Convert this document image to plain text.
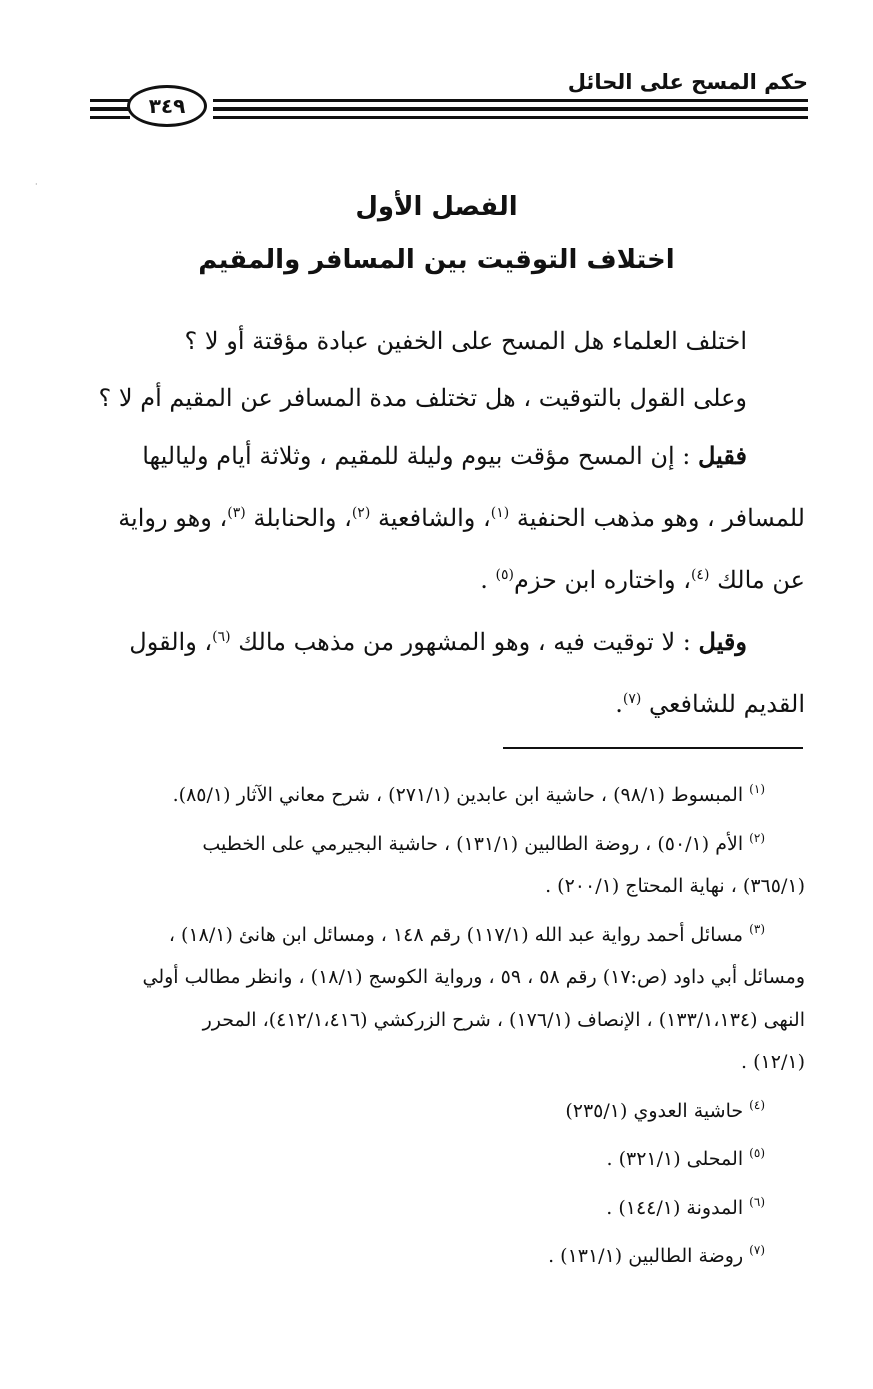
حكم المسح على الحائل
٣٤٩
·
الفصل الأول
اختلاف التوقيت بين المسافر والمقيم
اختلف العلماء هل المسح على الخفين عبادة مؤقتة أو لا ؟
وعلى القول بالتوقيت ، هل تختلف مدة المسافر عن المقيم أم لا ؟
فقيل : إن المسح مؤقت بيوم وليلة للمقيم ، وثلاثة أيام ولياليها
للمسافر ، وهو مذهب الحنفية $^{(١)}$، والشافعية $^{(٢)}$، والحنابلة $^{(٣)}$، وهو رواية
عن مالك $^{(٤)}$، واختاره ابن حزم$^{(٥)}$ .
وقيل : لا توقيت فيه ، وهو المشهور من مذهب مالك $^{(٦)}$، والقول
القديم للشافعي $^{(٧)}$.
$^{(١)}$ المبسوط (٩٨/١) ، حاشية ابن عابدين (٢٧١/١) ، شرح معاني الآثار (٨٥/١).
$^{(٢)}$ الأم (٥٠/١) ، روضة الطالبين (١٣١/١) ، حاشية البجيرمي على الخطيب
(٣٦٥/١) ، نهاية المحتاج (٢٠٠/١) .
$^{(٣)}$ مسائل أحمد رواية عبد الله (١١٧/١) رقم ١٤٨ ، ومسائل ابن هانئ (١٨/١) ،
ومسائل أبي داود (ص:١٧) رقم ٥٨ ، ٥٩ ، ورواية الكوسج (١٨/١) ، وانظر مطالب أولي
النهى (١٣٣/١،١٣٤) ، الإنصاف (١٧٦/١) ، شرح الزركشي (٤١٢/١،٤١٦)، المحرر
(١٢/١) .
$^{(٤)}$ حاشية العدوي (٢٣٥/١)
$^{(٥)}$ المحلى (٣٢١/١) .
$^{(٦)}$ المدونة (١٤٤/١) .
$^{(٧)}$ روضة الطالبين (١٣١/١) .
